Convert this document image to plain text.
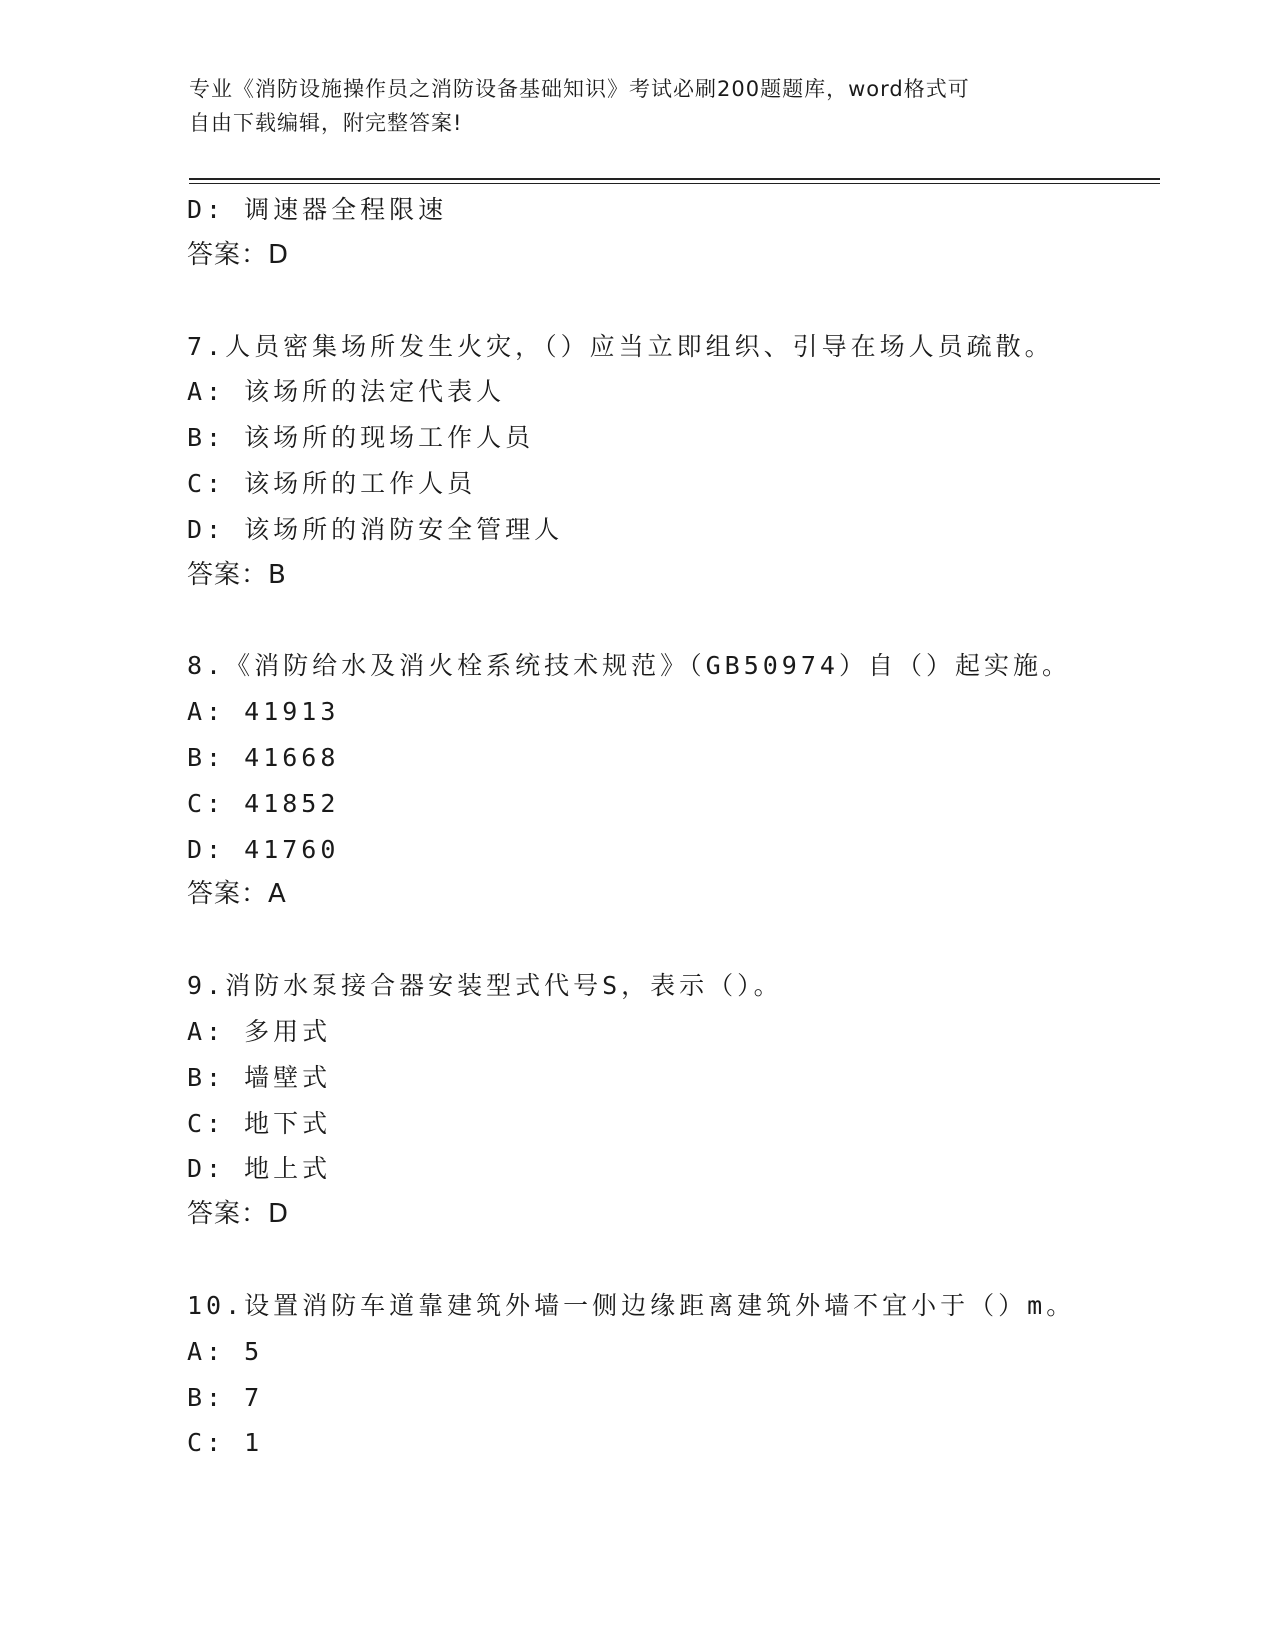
专业《消防设施操作员之消防设备基础知识》考试必刷200题题库，word格式可
自由下载编辑，附完整答案!
D: 调速器全程限速
答案：D
7.人员密集场所发生火灾，（）应当立即组织、引导在场人员疏散。
A: 该场所的法定代表人
B: 该场所的现场工作人员
C: 该场所的工作人员
D: 该场所的消防安全管理人
答案：B
8.《消防给水及消火栓系统技术规范》（GB50974）自（）起实施。
A: 41913
B: 41668
C: 41852
D: 41760
答案：A
9.消防水泵接合器安装型式代号S，表示（）。
A: 多用式
B: 墙壁式
C: 地下式
D: 地上式
答案：D
10.设置消防车道靠建筑外墙一侧边缘距离建筑外墙不宜小于（）m。
A: 5
B: 7
C: 1
